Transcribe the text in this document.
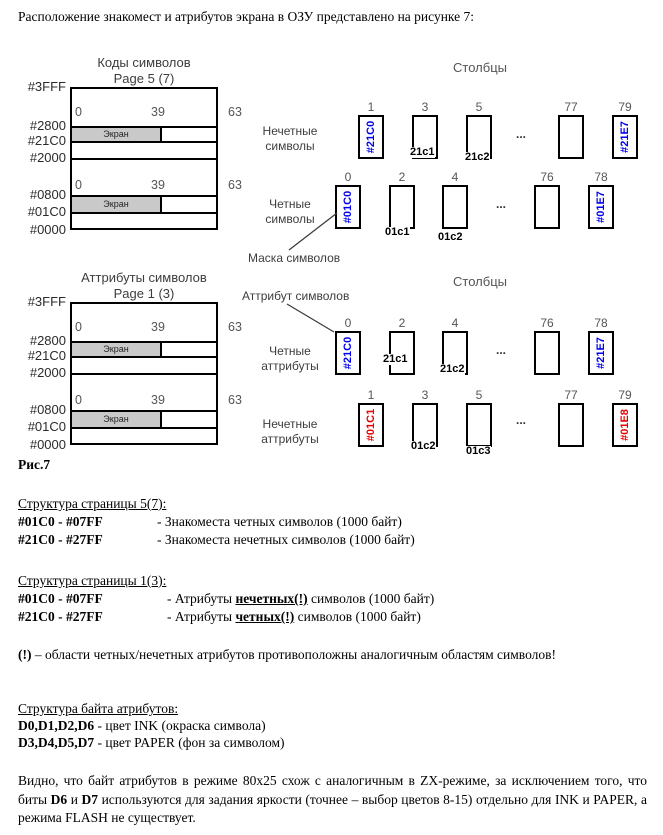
Расположение знакомест и атрибутов экрана в ОЗУ представлено на рисунке 7:
Коды символов
Page 5 (7)
Экран
Экран
#3FFF
#2800
#21C0
#2000
#0800
#01C0
#0000
0	39	63
0	39	63
Аттрибуты символов
Page 1 (3)
Экран
Экран
#3FFF
#2800
#21C0
#2000
#0800
#01C0
#0000
0	39	63
0	39	63
Рис.7
Столбцы
Нечетные
символы
1	3	5	77	79
#21C0	#21E7
...
21c1	21c2
Четные
символы
0	2	4	76	78
#01C0	#01E7
...
01c1	01c2
Маска символов
Столбцы
Аттрибут символов
Четные
аттрибуты
0	2	4	76	78
#21C0	#21E7
...
21c1
21c2
Нечетные
аттрибуты
1	3	5	77	79
#01C1	#01E8
...
01c2	01c3
Структура страницы 5(7):
#01C0 - #07FF	- Знакоместа четных символов (1000 байт)
#21C0 - #27FF	- Знакоместа нечетных символов (1000 байт)
Структура страницы 1(3):
#01C0 - #07FF	- Атрибуты нечетных(!) символов (1000 байт)
#21C0 - #27FF	- Атрибуты четных(!) символов (1000 байт)
(!) – области четных/нечетных атрибутов противоположны аналогичным областям символов!
Структура байта атрибутов:
D0,D1,D2,D6 - цвет INK (окраска символа)
D3,D4,D5,D7 - цвет PAPER (фон за символом)
Видно, что байт атрибутов в режиме 80x25 схож с аналогичным в ZX-режиме, за исключением того, что биты D6 и D7 используются для задания яркости (точнее – выбор цветов 8-15) отдельно для INK и PAPER, а режима FLASH не существует.
